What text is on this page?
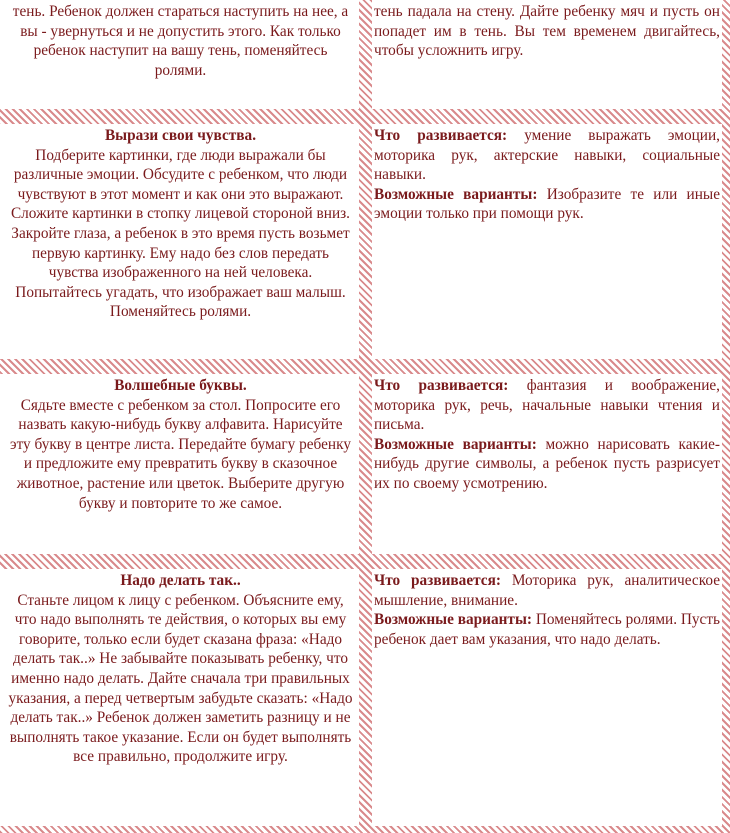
тень. Ребенок должен стараться наступить на нее, а вы - увернуться и не допустить этого. Как только ребенок наступит на вашу тень, поменяйтесь ролями.

тень падала на стену. Дайте ребенку мяч и пусть он попадет им в тень. Вы тем временем двигайтесь, чтобы усложнить игру.

Вырази свои чувства.

Подберите картинки, где люди выражали бы различные эмоции. Обсудите с ребенком, что люди чувствуют в этот момент и как они это выражают. Сложите картинки в стопку лицевой стороной вниз. Закройте глаза, а ребенок в это время пусть возьмет первую картинку. Ему надо без слов передать чувства изображенного на ней человека. Попытайтесь угадать, что изображает ваш малыш. Поменяйтесь ролями.

Что развивается: умение выражать эмоции, моторика рук, актерские навыки, социальные навыки.

Возможные варианты: Изобразите те или иные эмоции только при помощи рук.

Волшебные буквы.

Сядьте вместе с ребенком за стол. Попросите его назвать какую-нибудь букву алфавита. Нарисуйте эту букву в центре листа. Передайте бумагу ребенку и предложите ему превратить букву в сказочное животное, растение или цветок. Выберите другую букву и повторите то же самое.

Что развивается: фантазия и воображение, моторика рук, речь, начальные навыки чтения и письма.

Возможные варианты: можно нарисовать какие-нибудь другие символы, а ребенок пусть разрисует их по своему усмотрению.

Надо делать так..

Станьте лицом к лицу с ребенком. Объясните ему, что надо выполнять те действия, о которых вы ему говорите, только если будет сказана фраза: «Надо делать так..» Не забывайте показывать ребенку, что именно надо делать. Дайте сначала три правильных указания, а перед четвертым забудьте сказать: «Надо делать так..» Ребенок должен заметить разницу и не выполнять такое указание. Если он будет выполнять все правильно, продолжите игру.

Что развивается: Моторика рук, аналитическое мышление, внимание.

Возможные варианты: Поменяйтесь ролями. Пусть ребенок дает вам указания, что надо делать.
